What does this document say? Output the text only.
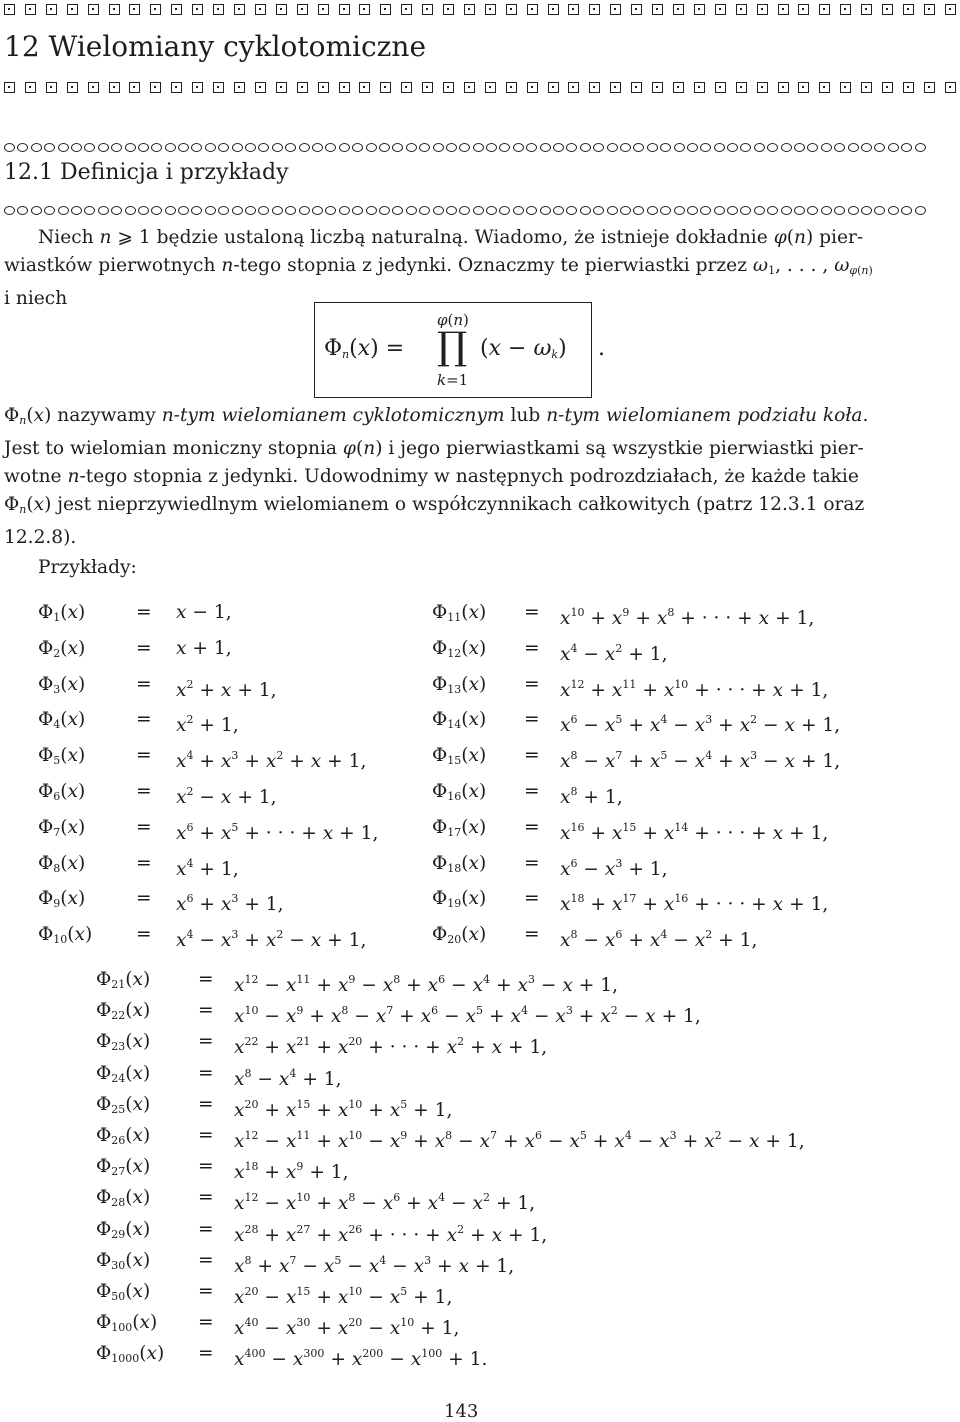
12 Wielomiany cyklotomiczne
12.1 Definicja i przykłady

Niech n ⩾ 1 będzie ustaloną liczbą naturalną. Wiadomo, że istnieje dokładnie φ(n) pier-

wiastków pierwotnych n-tego stopnia z jedynki. Oznaczmy te pierwiastki przez $\omega_1$, . . . , $\omega_{\varphi(n)}$

i niech

$\Phi_n(x)$ =
φ(n)
∏
k=1
$(x - \omega_k)$ .

$\Phi_n(x)$ nazywamy n-tym wielomianem cyklotomicznym lub n-tym wielomianem podziału koła.

Jest to wielomian moniczny stopnia φ(n) i jego pierwiastkami są wszystkie pierwiastki pier-

wotne n-tego stopnia z jedynki. Udowodnimy w następnych podrozdziałach, że każde takie

$\Phi_n(x)$ jest nieprzywiedlnym wielomianem o współczynnikach całkowitych (patrz 12.3.1 oraz

12.2.8).

Przykłady:
$\Phi_1(x)$	= x − 1,
$\Phi_2(x)$	= x + 1,
$\Phi_3(x)$	= $x^2 + x + 1$,
$\Phi_4(x)$	= $x^2 + 1$,
$\Phi_5(x)$	= $x^4 + x^3 + x^2 + x + 1$,
$\Phi_6(x)$	= $x^2 - x + 1$,
$\Phi_7(x)$	= $x^6 + x^5$ + · · · + x + 1,
$\Phi_8(x)$	= $x^4 + 1$,
$\Phi_9(x)$	= $x^6 + x^3 + 1$,
$\Phi_{10}(x) = x^4 - x^3 + x^2 - x + 1$,
$\Phi_{11}(x) = x^{10} + x^9 + x^8$ + · · · + x + 1,
$\Phi_{12}(x) = x^4 - x^2 + 1$,
$\Phi_{13}(x) = x^{12} + x^{11} + x^{10}$ + · · · + x + 1,
$\Phi_{14}(x) = x^6 - x^5 + x^4 - x^3 + x^2 - x + 1$,
$\Phi_{15}(x) = x^8 - x^7 + x^5 - x^4 + x^3 - x + 1$,
$\Phi_{16}(x) = x^8 + 1$,
$\Phi_{17}(x) = x^{16} + x^{15} + x^{14}$ + · · · + x + 1,
$\Phi_{18}(x) = x^6 - x^3 + 1$,
$\Phi_{19}(x) = x^{18} + x^{17} + x^{16}$ + · · · + x + 1,
$\Phi_{20}(x) = x^8 - x^6 + x^4 - x^2 + 1$,
$\Phi_{21}(x)$	= $x^{12} - x^{11} + x^9 - x^8 + x^6 - x^4 + x^3 - x + 1$,
$\Phi_{22}(x)$	= $x^{10} - x^9 + x^8 - x^7 + x^6 - x^5 + x^4 - x^3 + x^2 - x + 1$,
$\Phi_{23}(x)$	= $x^{22} + x^{21} + x^{20}$ + · · · + $x^2 + x + 1$,
$\Phi_{24}(x)$	= $x^8 - x^4 + 1$,
$\Phi_{25}(x)$	= $x^{20} + x^{15} + x^{10} + x^5 + 1$,
$\Phi_{26}(x)$	= $x^{12} - x^{11} + x^{10} - x^9 + x^8 - x^7 + x^6 - x^5 + x^4 - x^3 + x^2 - x + 1$,
$\Phi_{27}(x)$	= $x^{18} + x^9 + 1$,
$\Phi_{28}(x)$	= $x^{12} - x^{10} + x^8 - x^6 + x^4 - x^2 + 1$,
$\Phi_{29}(x)$	= $x^{28} + x^{27} + x^{26}$ + · · · + $x^2 + x + 1$,
$\Phi_{30}(x)$	= $x^8 + x^7 - x^5 - x^4 - x^3 + x + 1$,
$\Phi_{50}(x)$	= $x^{20} - x^{15} + x^{10} - x^5 + 1$,
$\Phi_{100}(x) = x^{40} - x^{30} + x^{20} - x^{10} + 1$,
$\Phi_{1000}(x) = x^{400} - x^{300} + x^{200} - x^{100} + 1$.
143
